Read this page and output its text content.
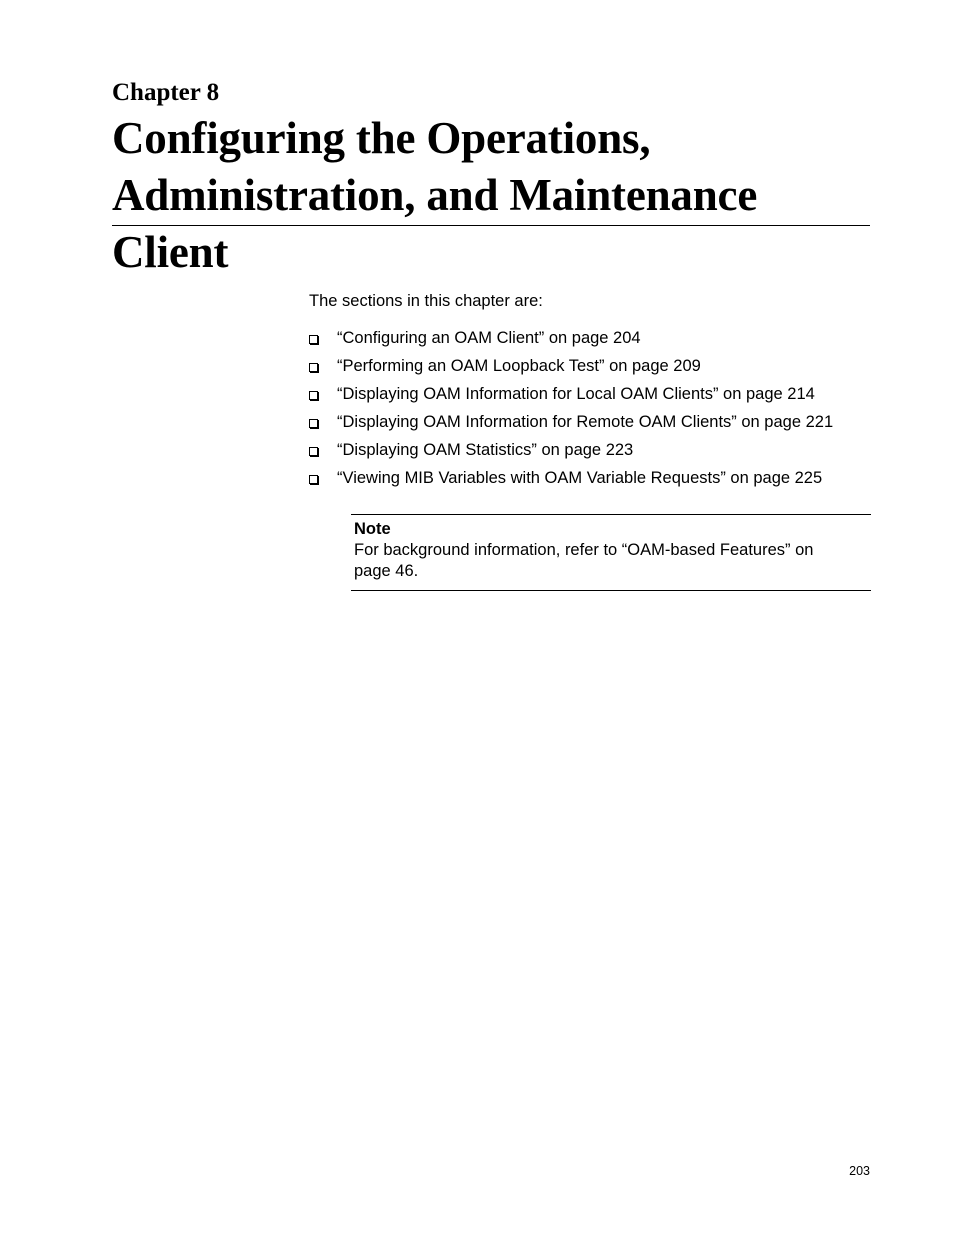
Chapter 8
Configuring the Operations,
Administration, and Maintenance Client

The sections in this chapter are:

“Configuring an OAM Client” on page 204
“Performing an OAM Loopback Test” on page 209
“Displaying OAM Information for Local OAM Clients” on page 214
“Displaying OAM Information for Remote OAM Clients” on page 221
“Displaying OAM Statistics” on page 223
“Viewing MIB Variables with OAM Variable Requests” on page 225

Note

For background information, refer to “OAM-based Features” on page 46.

203
